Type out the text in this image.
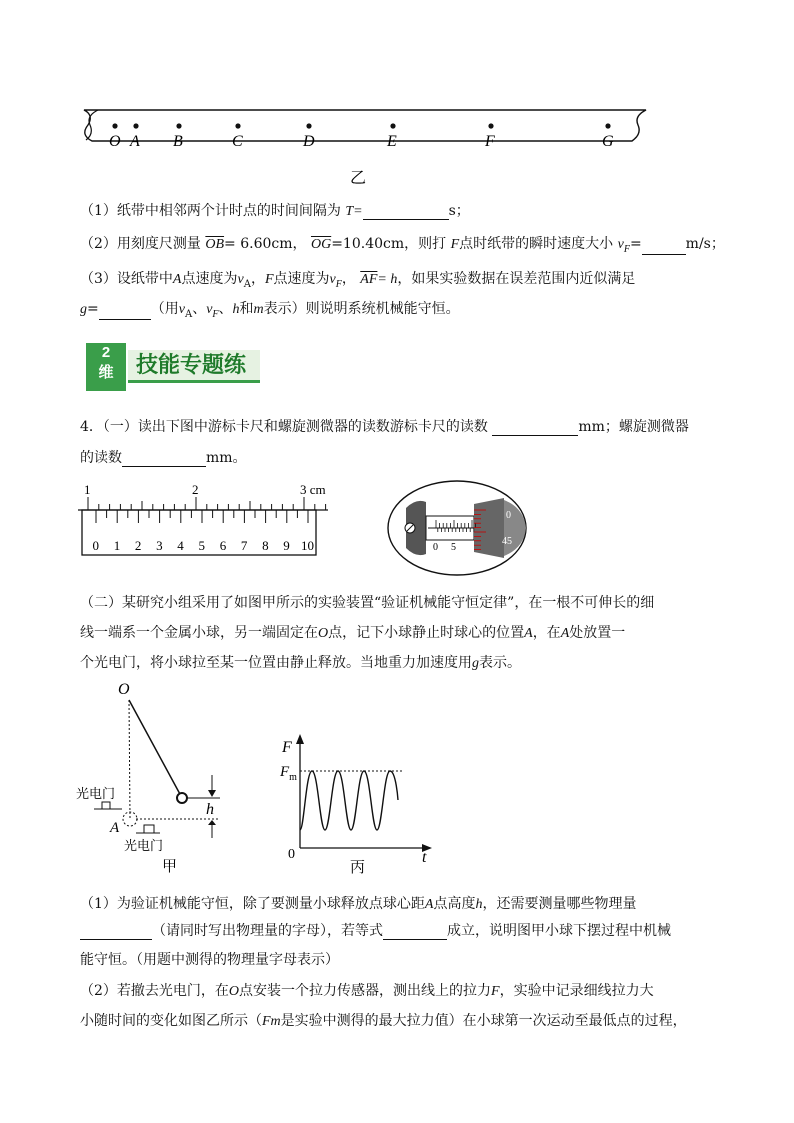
O A B	C	D	E	F	G
乙
（1）纸带中相邻两个计时点的时间间隔为 T=	s；
（2）用刻度尺测量 $\overline{OB}= 6.60cm$， $\overline{OG}=10.40cm$，则打 F点时纸带的瞬时速度大小 $v_F=$	m/s；
（3）设纸带中A点速度为$v_A$，F点速度为$v_F$， $\overline{AF}= h$，如果实验数据在误差范围内近似满足
g=	（用$v_A$、$v_F$、h和m表示）则说明系统机械能守恒。
2
维	技能专题练
4．（一）读出下图中游标卡尺和螺旋测微器的读数游标卡尺的读数	mm；螺旋测微器
的读数	mm。
1	2	3 cm
0 1 2 3 4 5 6 7 8 9 10	0 5
0
45
（二）某研究小组采用了如图甲所示的实验装置“验证机械能守恒定律”，在一根不可伸长的细
线一端系一个金属小球，另一端固定在O点，记下小球静止时球心的位置A，在A处放置一
个光电门，将小球拉至某一位置由静止释放。当地重力加速度用g表示。
O
h
光电门
A
光电门
甲
F
$F_m$
0	t
丙
（1）为验证机械能守恒，除了要测量小球释放点球心距A点高度h，还需要测量哪些物理量
（请同时写出物理量的字母），若等式	成立，说明图甲小球下摆过程中机械
能守恒。（用题中测得的物理量字母表示）
（2）若撤去光电门，在O点安装一个拉力传感器，测出线上的拉力F，实验中记录细线拉力大
小随时间的变化如图乙所示（Fm是实验中测得的最大拉力值）在小球第一次运动至最低点的过程，
